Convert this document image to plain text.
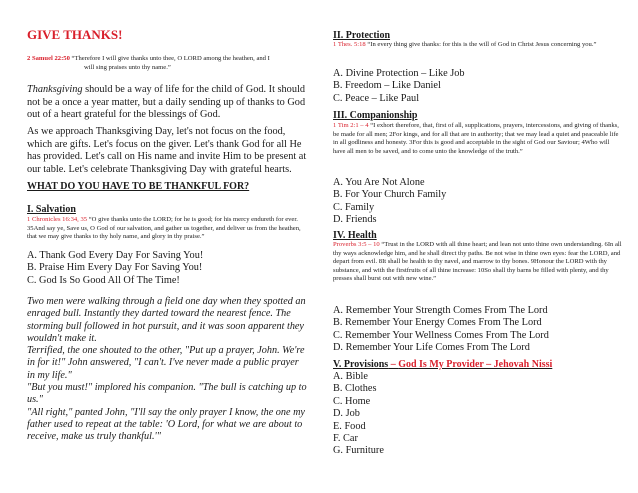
GIVE THANKS!
2 Samuel 22:50 “Therefore I will give thanks unto thee, O LORD among the heathen, and I
will sing praises unto thy name.”

Thanksgiving should be a way of life for the child of God. It should not be a once a year matter, but a daily sending up of thanks to God out of a heart grateful for the blessings of God.

As we approach Thanksgiving Day, let's not focus on the food, which are gifts. Let's focus on the giver. Let's thank God for all He has provided. Let's call on His name and invite Him to be present at our table. Let's celebrate Thanksgiving Day with grateful hearts.

WHAT DO YOU HAVE TO BE THANKFUL FOR?

I. Salvation

1 Chronicles 16:34, 35 “O give thanks unto the LORD; for he is good; for his mercy endureth for ever. 35And say ye, Save us, O God of our salvation, and gather us together, and deliver us from the heathen, that we may give thanks to thy holy name, and glory in thy praise.”

A. Thank God Every Day For Saving You!
B. Praise Him Every Day For Saving You!
C. God Is So Good All Of The Time!

Two men were walking through a field one day when they spotted an enraged bull. Instantly they darted toward the nearest fence. The storming bull followed in hot pursuit, and it was soon apparent they wouldn't make it.

Terrified, the one shouted to the other, "Put up a prayer, John. We're in for it!" John answered, "I can't. I've never made a public prayer in my life."

"But you must!" implored his companion. "The bull is catching up to us."

"All right," panted John, "I'll say the only prayer I know, the one my father used to repeat at the table: 'O Lord, for what we are about to receive, make us truly thankful.'"

II. Protection

1 Thes. 5:18 “In every thing give thanks: for this is the will of God in Christ Jesus concerning you.”

A. Divine Protection – Like Job
B. Freedom – Like Daniel
C. Peace – Like Paul

III. Companionship

1 Tim 2:1 – 4 “I exhort therefore, that, first of all, supplications, prayers, intercessions, and giving of thanks, be made for all men; 2For kings, and for all that are in authority; that we may lead a quiet and peaceable life in all godliness and honesty. 3For this is good and acceptable in the sight of God our Saviour; 4Who will have all men to be saved, and to come unto the knowledge of the truth.”

A. You Are Not Alone
B. For Your Church Family
C. Family
D. Friends

IV. Health

Proverbs 3:5 – 10 “Trust in the LORD with all thine heart; and lean not unto thine own understanding. 6In all thy ways acknowledge him, and he shall direct thy paths. Be not wise in thine own eyes: fear the LORD, and depart from evil. 8It shall be health to thy navel, and marrow to thy bones. 9Honour the LORD with thy substance, and with the firstfruits of all thine increase: 10So shall thy barns be filled with plenty, and thy presses shall burst out with new wine.”

A. Remember Your Strength Comes From The Lord
B. Remember Your Energy Comes From The Lord
C. Remember Your Wellness Comes From The Lord
D. Remember Your Life Comes From The Lord

V. Provisions – God Is My Provider – Jehovah Nissi

A. Bible
B. Clothes
C. Home
D. Job
E. Food
F. Car
G. Furniture
